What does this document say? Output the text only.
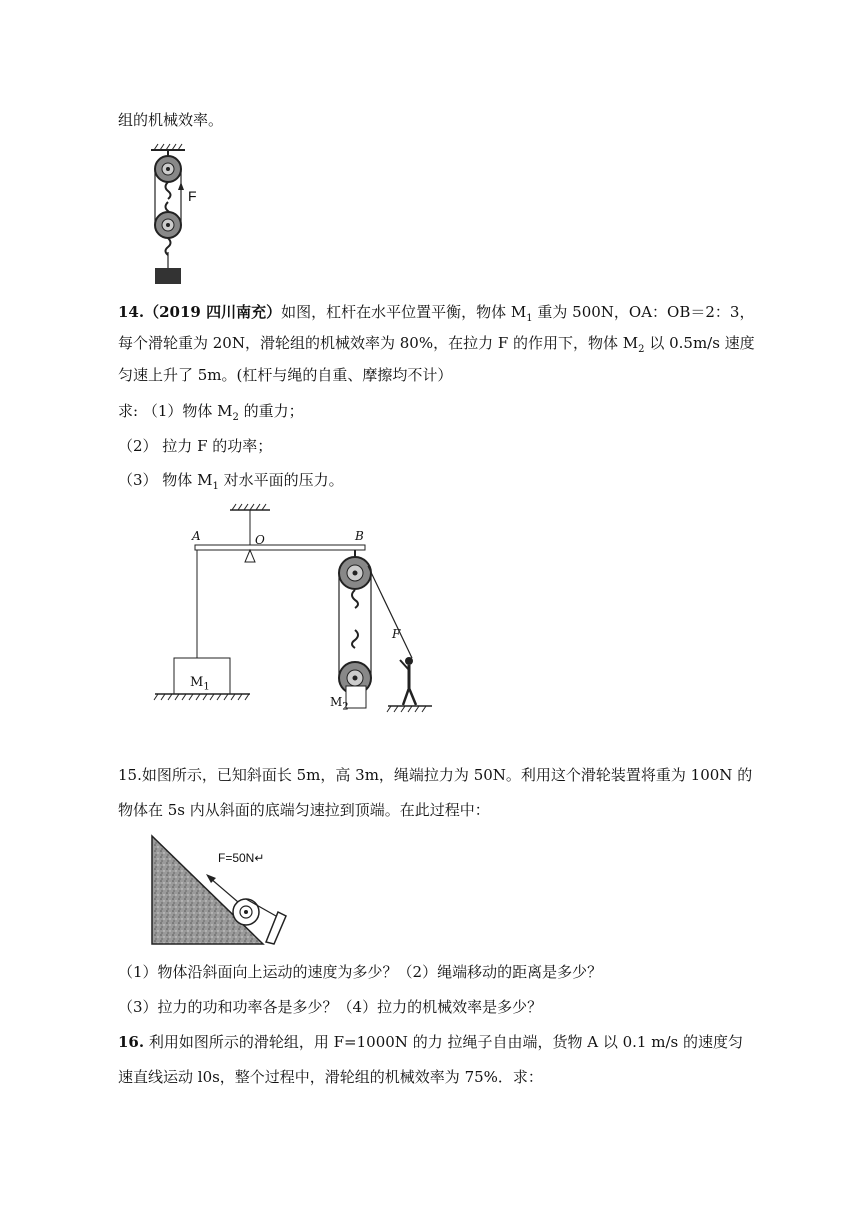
组的机械效率。
F
14.（2019 四川南充）如图，杠杆在水平位置平衡，物体 $M_1$ 重为 500N，OA：OB＝2：3，
每个滑轮重为 20N，滑轮组的机械效率为 80%，在拉力 F 的作用下，物体 $M_2$ 以 0.5m/s 速度
匀速上升了 5m。(杠杆与绳的自重、摩擦均不计）
求: （1）物体 $M_2$ 的重力；
（2） 拉力 F 的功率；
（3） 物体 $M_1$ 对水平面的压力。
A	O	B
F
$M_1$
$M_2$
15.如图所示，已知斜面长 5m，高 3m，绳端拉力为 50N。利用这个滑轮装置将重为 100N 的
物体在 5s 内从斜面的底端匀速拉到顶端。在此过程中：
F=50N↵
（1）物体沿斜面向上运动的速度为多少？（2）绳端移动的距离是多少？
（3）拉力的功和功率各是多少？（4）拉力的机械效率是多少？
16. 利用如图所示的滑轮组，用 F=1000N 的力 拉绳子自由端，货物 A 以 0.1 m/s 的速度匀
速直线运动 l0s，整个过程中，滑轮组的机械效率为 75%．求：
